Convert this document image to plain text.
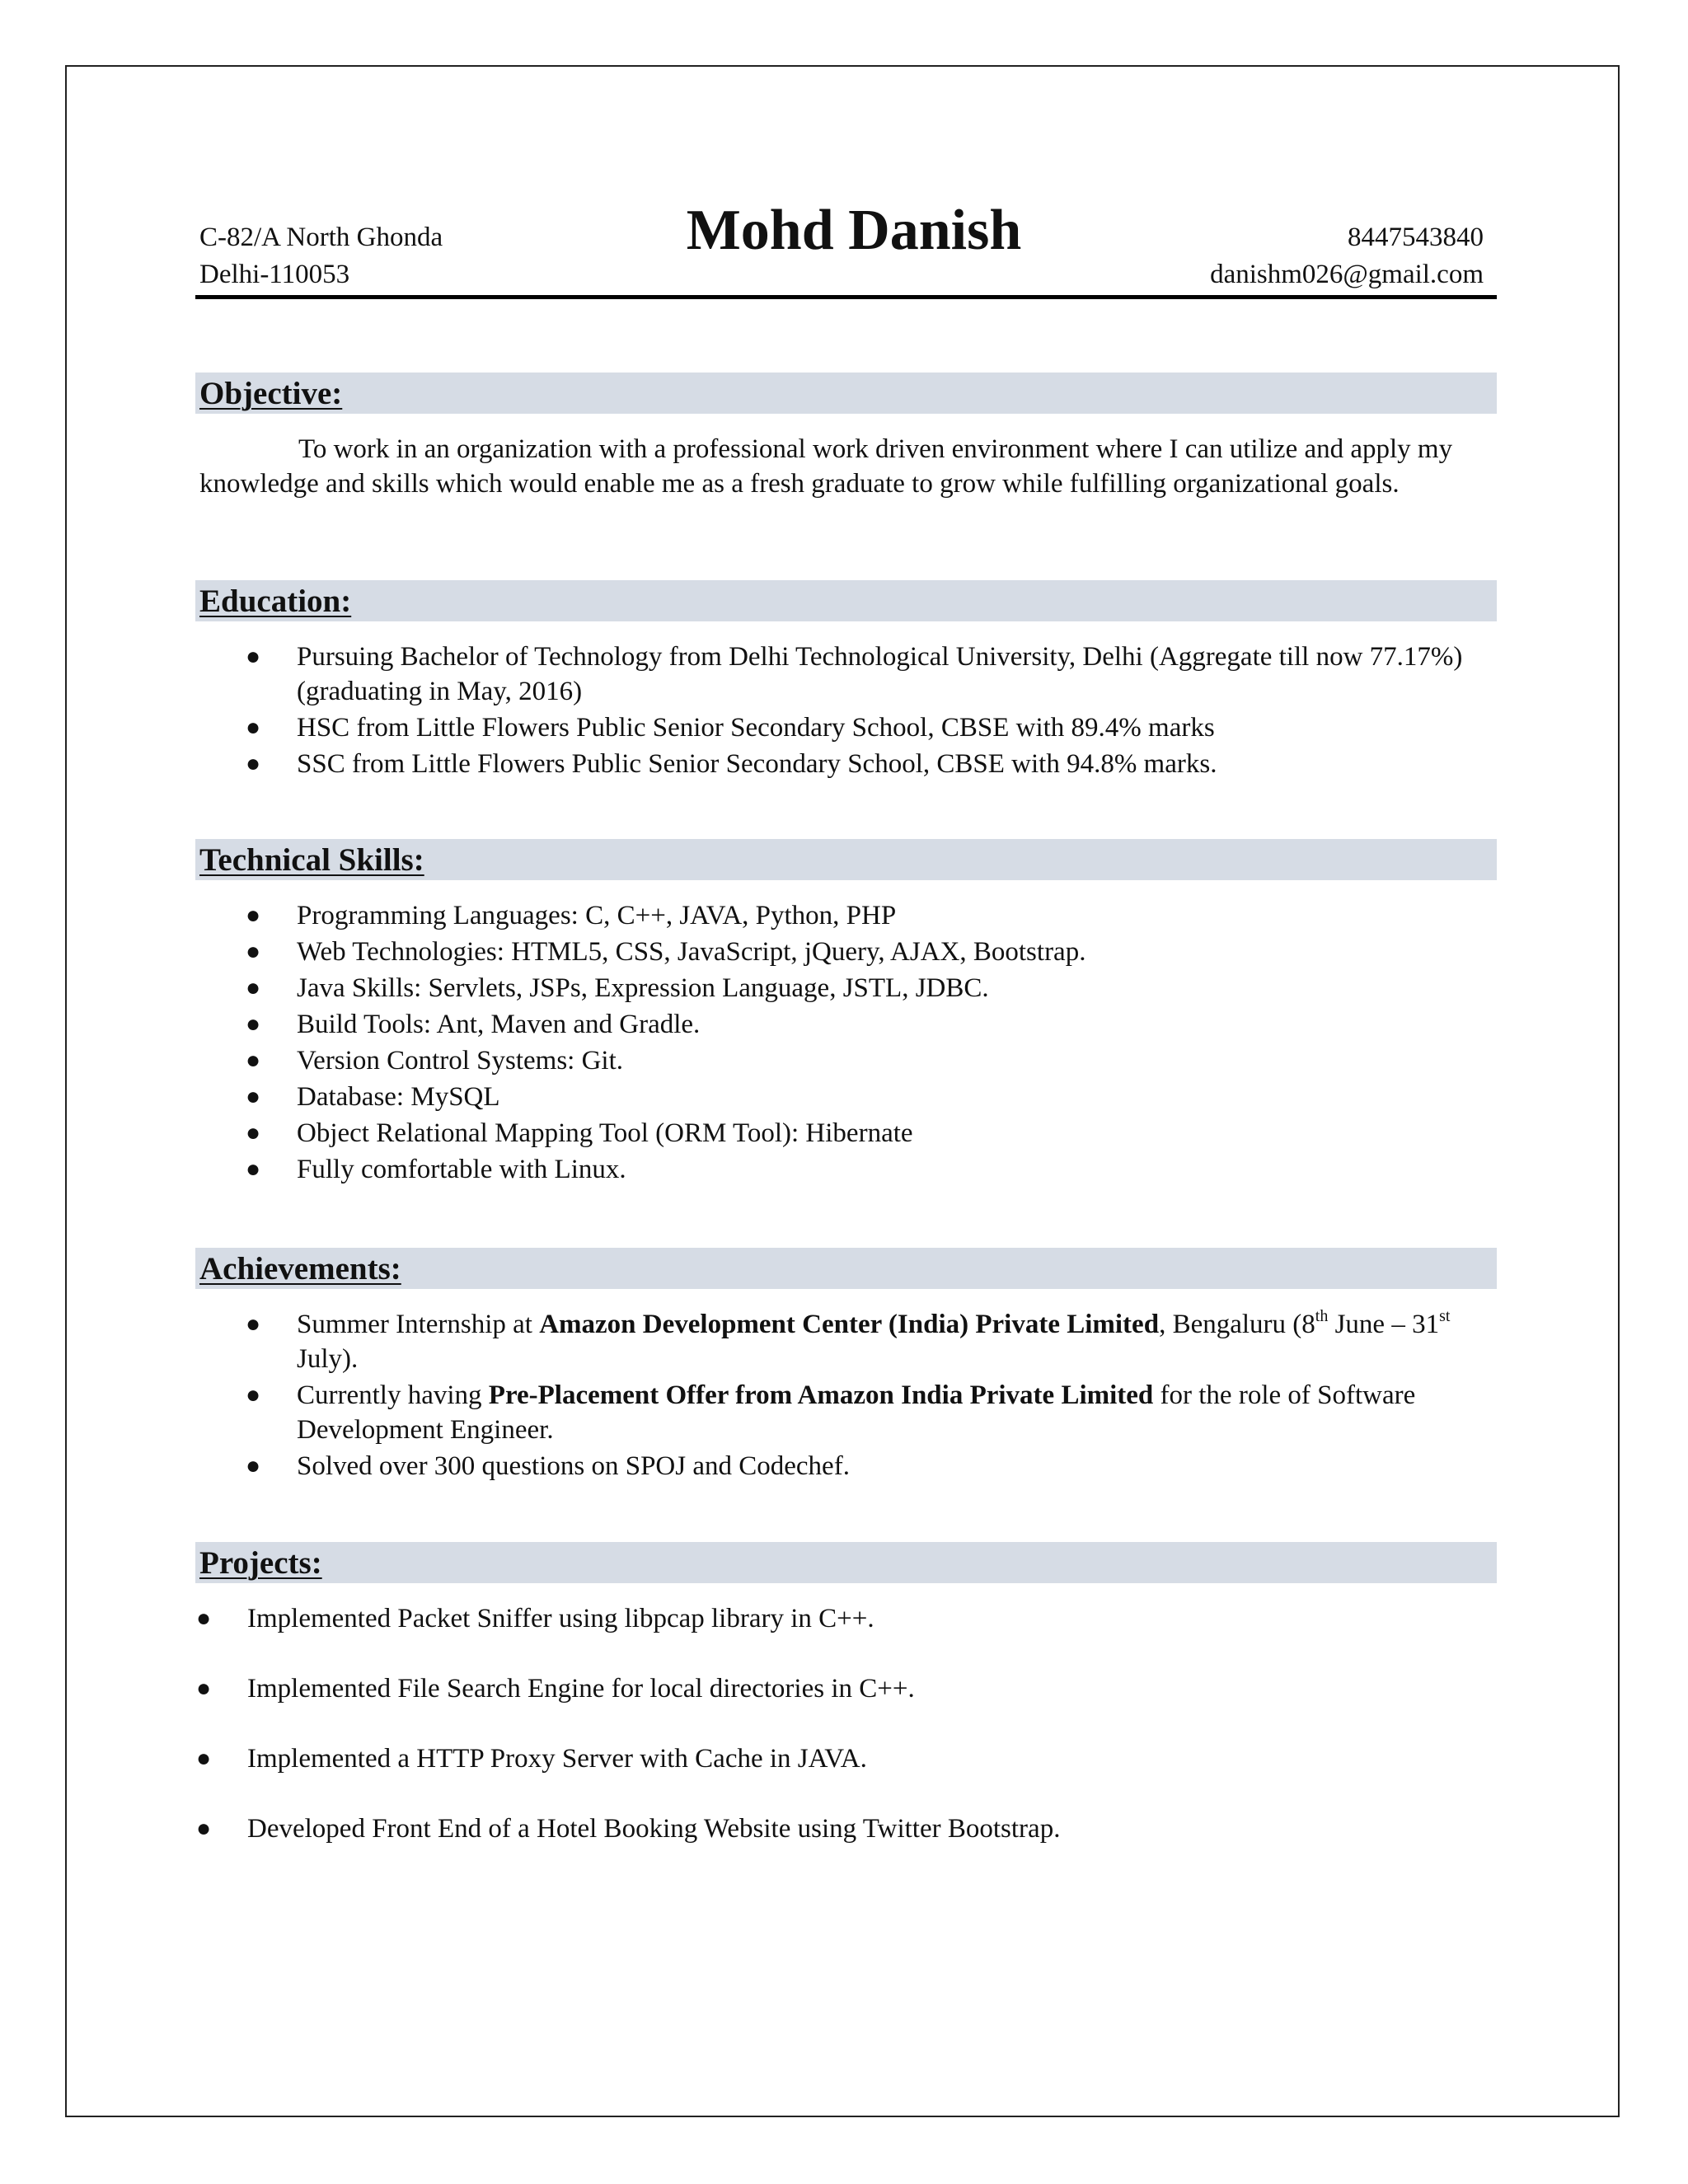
C-82/A North Ghonda
Delhi-110053
Mohd Danish	8447543840
danishm026@gmail.com
Objective:
To work in an organization with a professional work driven environment where I can utilize and apply my knowledge and skills which would enable me as a fresh graduate to grow while fulfilling organizational goals.
Education:
● Pursuing Bachelor of Technology from Delhi Technological University, Delhi (Aggregate till now 77.17%) (graduating in May, 2016)
● HSC from Little Flowers Public Senior Secondary School, CBSE with 89.4% marks
● SSC from Little Flowers Public Senior Secondary School, CBSE with 94.8% marks.
Technical Skills:
● Programming Languages: C, C++, JAVA, Python, PHP
● Web Technologies: HTML5, CSS, JavaScript, jQuery, AJAX, Bootstrap.
● Java Skills: Servlets, JSPs, Expression Language, JSTL, JDBC.
● Build Tools: Ant, Maven and Gradle.
● Version Control Systems: Git.
● Database: MySQL
● Object Relational Mapping Tool (ORM Tool): Hibernate
● Fully comfortable with Linux.
Achievements:
● Summer Internship at Amazon Development Center (India) Private Limited, Bengaluru (8th June – 31st July).
● Currently having Pre-Placement Offer from Amazon India Private Limited for the role of Software Development Engineer.
● Solved over 300 questions on SPOJ and Codechef.
Projects:
● Implemented Packet Sniffer using libpcap library in C++.
● Implemented File Search Engine for local directories in C++.
● Implemented a HTTP Proxy Server with Cache in JAVA.
● Developed Front End of a Hotel Booking Website using Twitter Bootstrap.
